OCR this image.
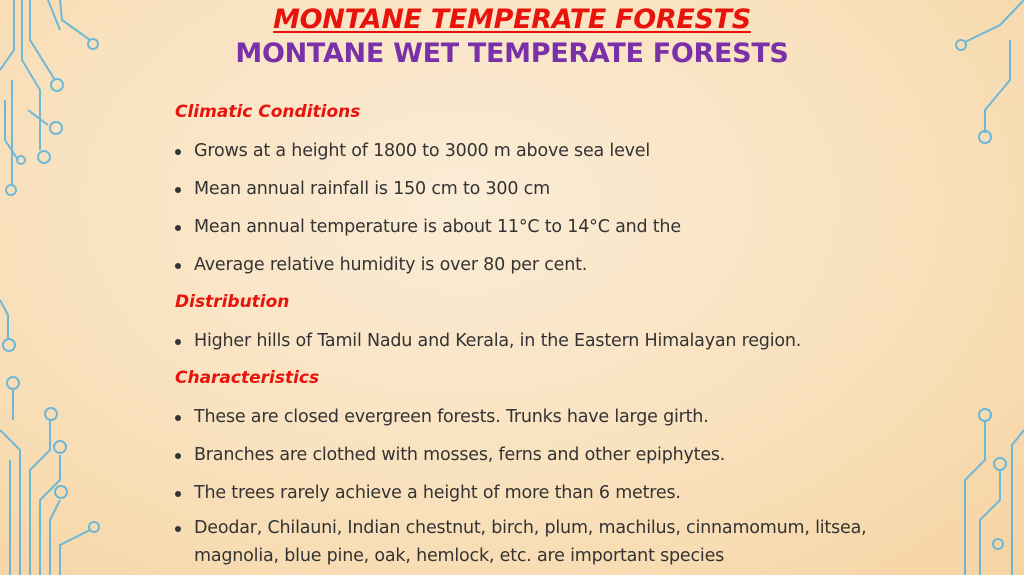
MONTANE TEMPERATE FORESTS
MONTANE WET TEMPERATE FORESTS
Climatic Conditions
Grows at a height of 1800 to 3000 m above sea level
Mean annual rainfall is 150 cm to 300 cm
Mean annual temperature is about 11°C to 14°C and the
Average relative humidity is over 80 per cent.
Distribution
Higher hills of Tamil Nadu and Kerala, in the Eastern Himalayan region.
Characteristics
These are closed evergreen forests. Trunks have large girth.
Branches are clothed with mosses, ferns and other epiphytes.
The trees rarely achieve a height of more than 6 metres.
Deodar, Chilauni, Indian chestnut, birch, plum, machilus, cinnamomum, litsea, magnolia, blue pine, oak, hemlock, etc. are important species
